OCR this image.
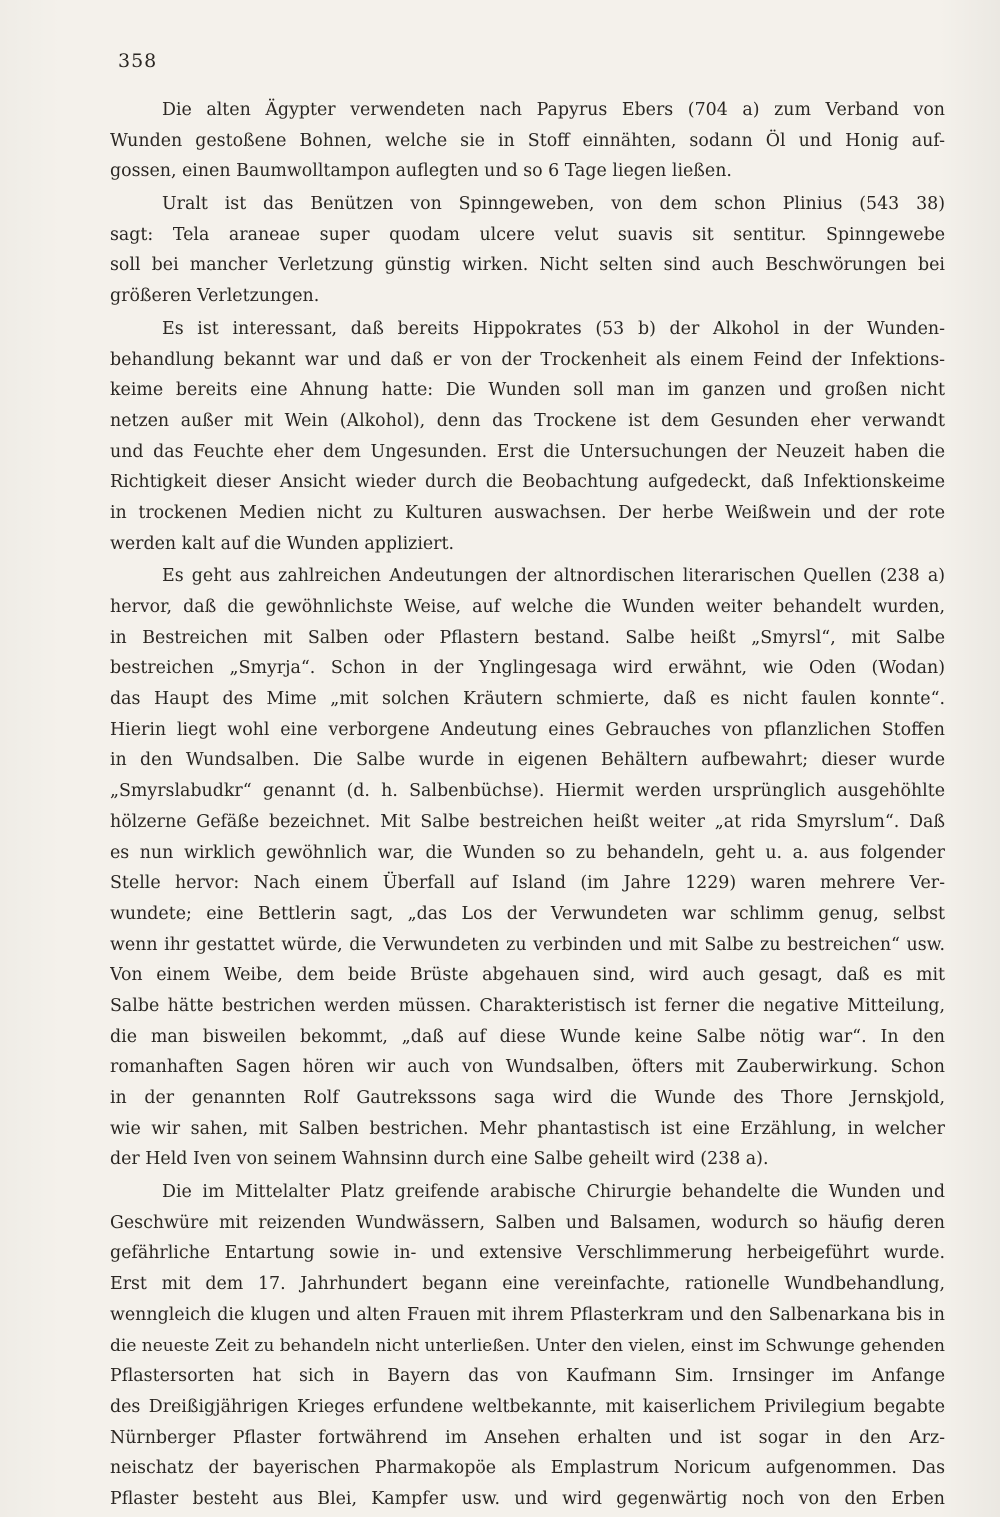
358
Die alten Ägypter verwendeten nach Papyrus Ebers (704 a) zum Verband von
Wunden gestoßene Bohnen, welche sie in Stoff einnähten, sodann Öl und Honig auf-
gossen, einen Baumwolltampon auflegten und so 6 Tage liegen ließen.
Uralt ist das Benützen von Spinngeweben, von dem schon Plinius (543 38)
sagt: Tela araneae super quodam ulcere velut suavis sit sentitur. Spinngewebe
soll bei mancher Verletzung günstig wirken. Nicht selten sind auch Beschwörungen bei
größeren Verletzungen.
Es ist interessant, daß bereits Hippokrates (53 b) der Alkohol in der Wunden-
behandlung bekannt war und daß er von der Trockenheit als einem Feind der Infektions-
keime bereits eine Ahnung hatte: Die Wunden soll man im ganzen und großen nicht
netzen außer mit Wein (Alkohol), denn das Trockene ist dem Gesunden eher verwandt
und das Feuchte eher dem Ungesunden. Erst die Untersuchungen der Neuzeit haben die
Richtigkeit dieser Ansicht wieder durch die Beobachtung aufgedeckt, daß Infektionskeime
in trockenen Medien nicht zu Kulturen auswachsen. Der herbe Weißwein und der rote
werden kalt auf die Wunden appliziert.
Es geht aus zahlreichen Andeutungen der altnordischen literarischen Quellen (238 a)
hervor, daß die gewöhnlichste Weise, auf welche die Wunden weiter behandelt wurden,
in Bestreichen mit Salben oder Pflastern bestand. Salbe heißt „Smyrsl“, mit Salbe
bestreichen „Smyrja“. Schon in der Ynglingesaga wird erwähnt, wie Oden (Wodan)
das Haupt des Mime „mit solchen Kräutern schmierte, daß es nicht faulen konnte“.
Hierin liegt wohl eine verborgene Andeutung eines Gebrauches von pflanzlichen Stoffen
in den Wundsalben. Die Salbe wurde in eigenen Behältern aufbewahrt; dieser wurde
„Smyrslabudkr“ genannt (d. h. Salbenbüchse). Hiermit werden ursprünglich ausgehöhlte
hölzerne Gefäße bezeichnet. Mit Salbe bestreichen heißt weiter „at rida Smyrslum“. Daß
es nun wirklich gewöhnlich war, die Wunden so zu behandeln, geht u. a. aus folgender
Stelle hervor: Nach einem Überfall auf Island (im Jahre 1229) waren mehrere Ver-
wundete; eine Bettlerin sagt, „das Los der Verwundeten war schlimm genug, selbst
wenn ihr gestattet würde, die Verwundeten zu verbinden und mit Salbe zu bestreichen“ usw.
Von einem Weibe, dem beide Brüste abgehauen sind, wird auch gesagt, daß es mit
Salbe hätte bestrichen werden müssen. Charakteristisch ist ferner die negative Mitteilung,
die man bisweilen bekommt, „daß auf diese Wunde keine Salbe nötig war“. In den
romanhaften Sagen hören wir auch von Wundsalben, öfters mit Zauberwirkung. Schon
in der genannten Rolf Gautrekssons saga wird die Wunde des Thore Jernskjold,
wie wir sahen, mit Salben bestrichen. Mehr phantastisch ist eine Erzählung, in welcher
der Held Iven von seinem Wahnsinn durch eine Salbe geheilt wird (238 a).
Die im Mittelalter Platz greifende arabische Chirurgie behandelte die Wunden und
Geschwüre mit reizenden Wundwässern, Salben und Balsamen, wodurch so häufig deren
gefährliche Entartung sowie in- und extensive Verschlimmerung herbeigeführt wurde.
Erst mit dem 17. Jahrhundert begann eine vereinfachte, rationelle Wundbehandlung,
wenngleich die klugen und alten Frauen mit ihrem Pflasterkram und den Salbenarkana bis in
die neueste Zeit zu behandeln nicht unterließen. Unter den vielen, einst im Schwunge gehenden
Pflastersorten hat sich in Bayern das von Kaufmann Sim. Irnsinger im Anfange
des Dreißigjährigen Krieges erfundene weltbekannte, mit kaiserlichem Privilegium begabte
Nürnberger Pflaster fortwährend im Ansehen erhalten und ist sogar in den Arz-
neischatz der bayerischen Pharmakopöe als Emplastrum Noricum aufgenommen. Das
Pflaster besteht aus Blei, Kampfer usw. und wird gegenwärtig noch von den Erben
